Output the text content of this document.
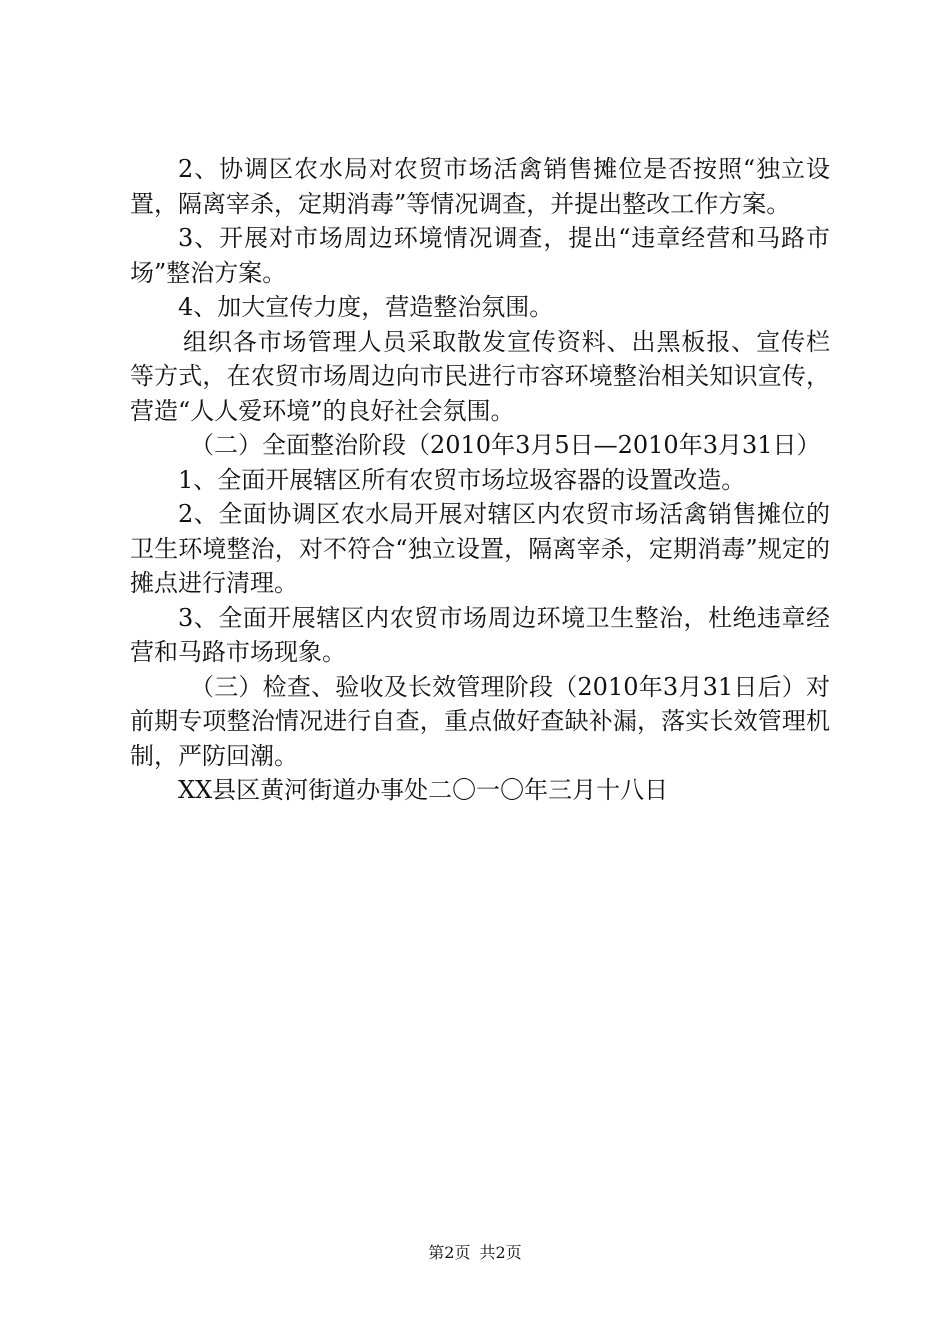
2、协调区农水局对农贸市场活禽销售摊位是否按照“独立设置，隔离宰杀，定期消毒”等情况调查，并提出整改工作方案。

3、开展对市场周边环境情况调查，提出“违章经营和马路市场”整治方案。

4、加大宣传力度，营造整治氛围。

组织各市场管理人员采取散发宣传资料、出黑板报、宣传栏等方式，在农贸市场周边向市民进行市容环境整治相关知识宣传，营造“人人爱环境”的良好社会氛围。

（二）全面整治阶段（2010年3月5日—2010年3月31日）

1、全面开展辖区所有农贸市场垃圾容器的设置改造。

2、全面协调区农水局开展对辖区内农贸市场活禽销售摊位的卫生环境整治，对不符合“独立设置，隔离宰杀，定期消毒”规定的摊点进行清理。

3、全面开展辖区内农贸市场周边环境卫生整治，杜绝违章经营和马路市场现象。

（三）检查、验收及长效管理阶段（2010年3月31日后）对前期专项整治情况进行自查，重点做好查缺补漏，落实长效管理机制，严防回潮。

XX县区黄河街道办事处二〇一〇年三月十八日

第2页 共2页
